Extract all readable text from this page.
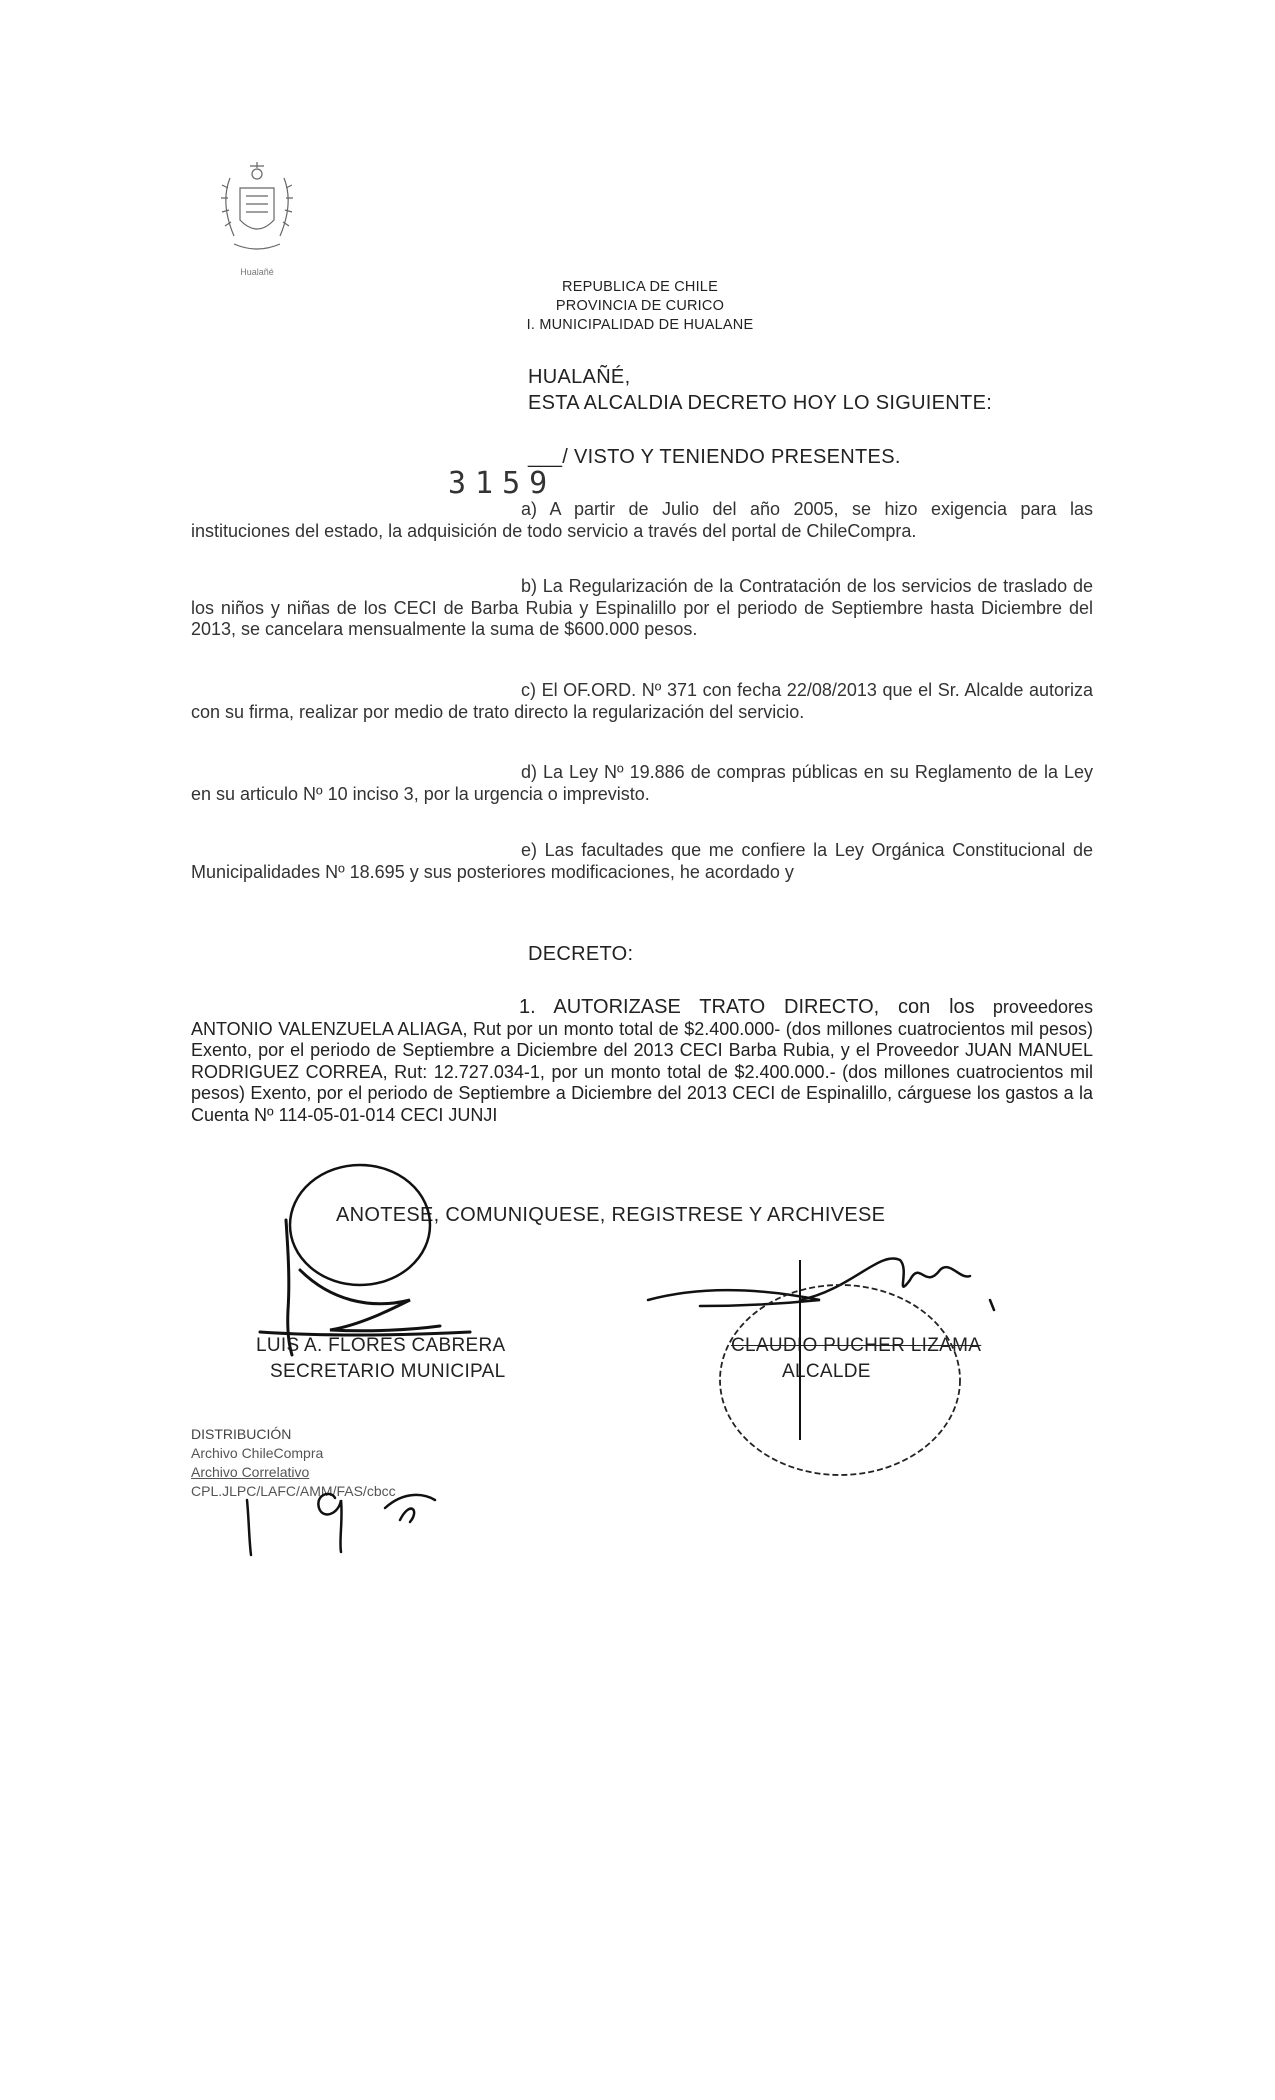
Hualañé
REPUBLICA DE CHILE
PROVINCIA DE CURICO
I. MUNICIPALIDAD DE HUALANE
HUALAÑÉ,
ESTA ALCALDIA DECRETO HOY LO SIGUIENTE:
___/ VISTO Y TENIENDO PRESENTES.
3159
a) A partir de Julio del año 2005, se hizo exigencia para las instituciones del estado, la adquisición de todo servicio a través del portal de ChileCompra.
b) La Regularización de la Contratación de los servicios de traslado de los niños y niñas de los CECI de Barba Rubia y Espinalillo por el periodo de Septiembre hasta Diciembre del 2013, se cancelara mensualmente la suma de $600.000 pesos.
c) El OF.ORD. Nº 371 con fecha 22/08/2013 que el Sr. Alcalde autoriza con su firma, realizar por medio de trato directo la regularización del servicio.
d) La Ley Nº 19.886 de compras públicas en su Reglamento de la Ley en su articulo Nº 10 inciso 3, por la urgencia o imprevisto.
e) Las facultades que me confiere la Ley Orgánica Constitucional de Municipalidades Nº 18.695 y sus posteriores modificaciones, he acordado y
DECRETO:
1. AUTORIZASE TRATO DIRECTO, con los proveedores ANTONIO VALENZUELA ALIAGA, Rut por un monto total de $2.400.000- (dos millones cuatrocientos mil pesos) Exento, por el periodo de Septiembre a Diciembre del 2013 CECI Barba Rubia, y el Proveedor JUAN MANUEL RODRIGUEZ CORREA, Rut: 12.727.034-1, por un monto total de $2.400.000.- (dos millones cuatrocientos mil pesos) Exento, por el periodo de Septiembre a Diciembre del 2013 CECI de Espinalillo, cárguese los gastos a la Cuenta Nº 114-05-01-014 CECI JUNJI
ANOTESE, COMUNIQUESE, REGISTRESE Y ARCHIVESE
LUIS A. FLORES CABRERA
SECRETARIO MUNICIPAL
CLAUDIO PUCHER LIZAMA
ALCALDE
DISTRIBUCIÓN
Archivo ChileCompra
Archivo Correlativo
CPL.JLPC/LAFC/AMM/FAS/cbcc
